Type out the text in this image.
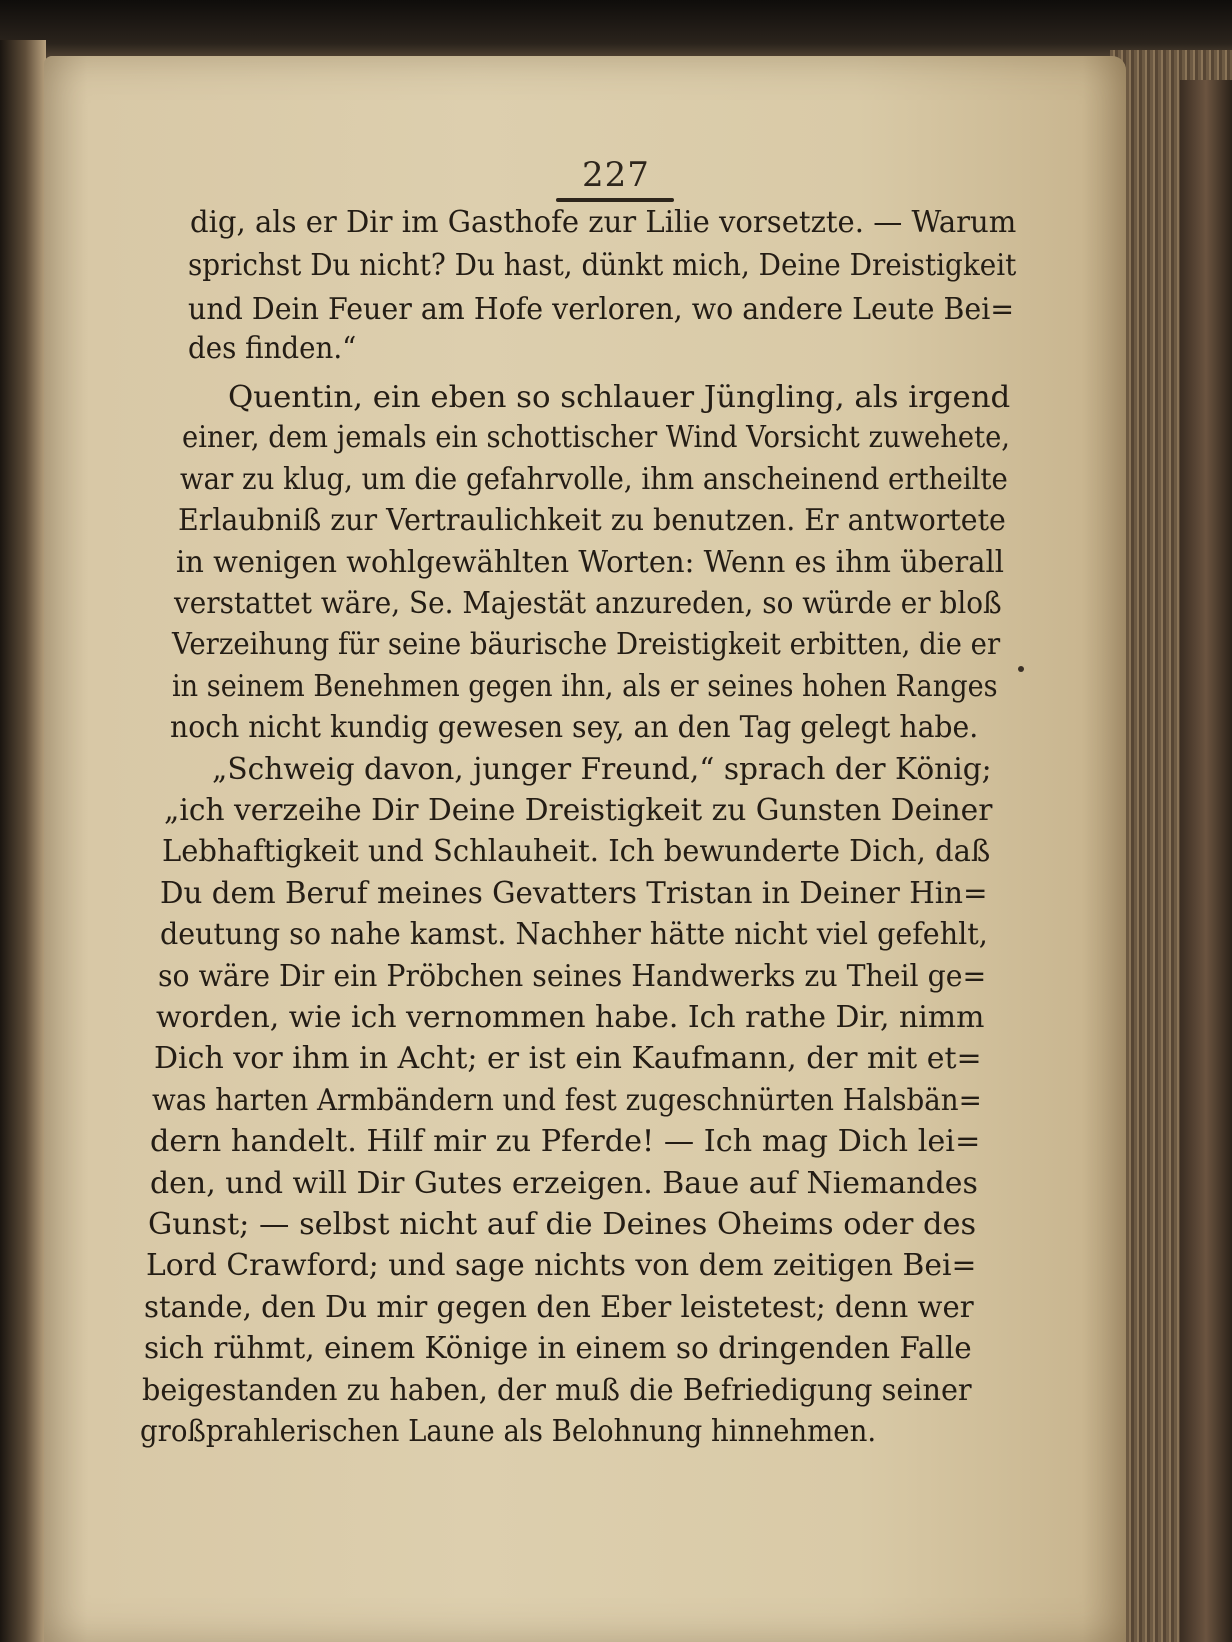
227

dig, als er Dir im Gasthofe zur Lilie vorsetzte. — Warum

sprichst Du nicht? Du hast, dünkt mich, Deine Dreistigkeit

und Dein Feuer am Hofe verloren, wo andere Leute Bei=

des finden.“

Quentin, ein eben so schlauer Jüngling, als irgend

einer, dem jemals ein schottischer Wind Vorsicht zuwehete,

war zu klug, um die gefahrvolle, ihm anscheinend ertheilte

Erlaubniß zur Vertraulichkeit zu benutzen. Er antwortete

in wenigen wohlgewählten Worten: Wenn es ihm überall

verstattet wäre, Se. Majestät anzureden, so würde er bloß

Verzeihung für seine bäurische Dreistigkeit erbitten, die er

in seinem Benehmen gegen ihn, als er seines hohen Ranges

noch nicht kundig gewesen sey, an den Tag gelegt habe.

„Schweig davon, junger Freund,“ sprach der König;

„ich verzeihe Dir Deine Dreistigkeit zu Gunsten Deiner

Lebhaftigkeit und Schlauheit. Ich bewunderte Dich, daß

Du dem Beruf meines Gevatters Tristan in Deiner Hin=

deutung so nahe kamst. Nachher hätte nicht viel gefehlt,

so wäre Dir ein Pröbchen seines Handwerks zu Theil ge=

worden, wie ich vernommen habe. Ich rathe Dir, nimm

Dich vor ihm in Acht; er ist ein Kaufmann, der mit et=

was harten Armbändern und fest zugeschnürten Halsbän=

dern handelt. Hilf mir zu Pferde! — Ich mag Dich lei=

den, und will Dir Gutes erzeigen. Baue auf Niemandes

Gunst; — selbst nicht auf die Deines Oheims oder des

Lord Crawford; und sage nichts von dem zeitigen Bei=

stande, den Du mir gegen den Eber leistetest; denn wer

sich rühmt, einem Könige in einem so dringenden Falle

beigestanden zu haben, der muß die Befriedigung seiner

großprahlerischen Laune als Belohnung hinnehmen.
